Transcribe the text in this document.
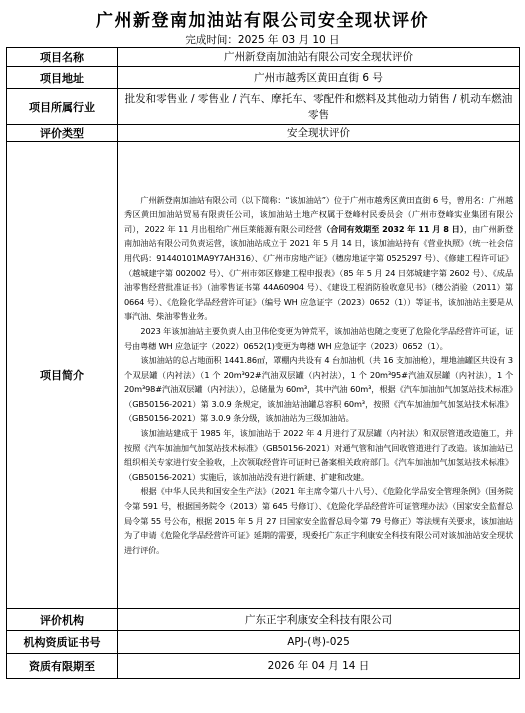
广州新登南加油站有限公司安全现状评价
完成时间：2025 年 03 月 10 日
项目名称	广州新登南加油站有限公司安全现状评价
项目地址	广州市越秀区黄田直街 6 号
项目所属行业	批发和零售业 / 零售业 / 汽车、摩托车、零配件和燃料及其他动力销售 / 机动车燃油零售
评价类型	安全现状评价
项目简介	广州新登南加油站有限公司（以下简称：“该加油站”）位于广州市越秀区黄田直街 6 号，曾用名：广州越秀区黄田加油站贸易有限责任公司，该加油站土地产权属于登峰村民委员会（广州市登峰实业集团有限公司），2022 年 11 月出租给广州巨莱能源有限公司经营（合同有效期至 2032 年 11 月 8 日），由广州新登南加油站有限公司负责运营，该加油站成立于 2021 年 5 月 14 日，该加油站持有《营业执照》（统一社会信用代码：91440101MA9Y7AH316）、《广州市房地产证》（穗房地证字第 0525297 号）、《修建工程许可证》（越城建字第 002002 号）、《广州市郊区修建工程申报表》（85 年 5 月 24 日郊城建字第 2602 号）、《成品油零售经营批准证书》（油零售证书第 44A60904 号）、《建设工程消防验收意见书》（穗公消验（2011）第 0664 号）、《危险化学品经营许可证》（编号 WH 应急证字（2023）0652（1））等证书，该加油站主要是从事汽油、柴油零售业务。

2023 年该加油站主要负责人由卫伟伦变更为钟荒平，该加油站也随之变更了危险化学品经营许可证，证号由粤穗 WH 应急证字（2022）0652(1)变更为粤穗 WH 应急证字（2023）0652（1）。

该加油站的总占地面积 1441.86㎡，罩棚内共设有 4 台加油机（共 16 支加油枪），埋地油罐区共设有 3 个双层罐（内衬法）（1 个 20m³92#汽油双层罐（内衬法），1 个 20m³95#汽油双层罐（内衬法），1 个 20m³98#汽油双层罐（内衬法）），总储量为 60m³，其中汽油 60m³，根据《汽车加油加气加氢站技术标准》（GB50156-2021）第 3.0.9 条规定，该加油站油罐总容积 60m³，按照《汽车加油加气加氢站技术标准》（GB50156-2021）第 3.0.9 条分级，该加油站为三级加油站。

该加油站建成于 1985 年，该加油站于 2022 年 4 月进行了双层罐（内衬法）和双层管道改造施工，并按照《汽车加油加气加氢站技术标准》（GB50156-2021）对通气管和油气回收管道进行了改造。该加油站已组织相关专家进行安全验收，上次领取经营许可证时已备案相关政府部门。《汽车加油加气加氢站技术标准》（GB50156-2021）实施后，该加油站没有进行新建、扩建和改建。

根据《中华人民共和国安全生产法》（2021 年主席令第八十八号）、《危险化学品安全管理条例》（国务院令第 591 号，根据国务院令（2013）第 645 号修订）、《危险化学品经营许可证管理办法》（国家安全监督总局令第 55 号公布，根据 2015 年 5 月 27 日国家安全监督总局令第 79 号修正）等法规有关要求，该加油站为了申请《危险化学品经营许可证》延期的需要，现委托广东正宇利康安全科技有限公司对该加油站安全现状进行评价。

评价机构	广东正宇利康安全科技有限公司
机构资质证书号	APJ-(粤)-025
资质有限期至	2026 年 04 月 14 日
